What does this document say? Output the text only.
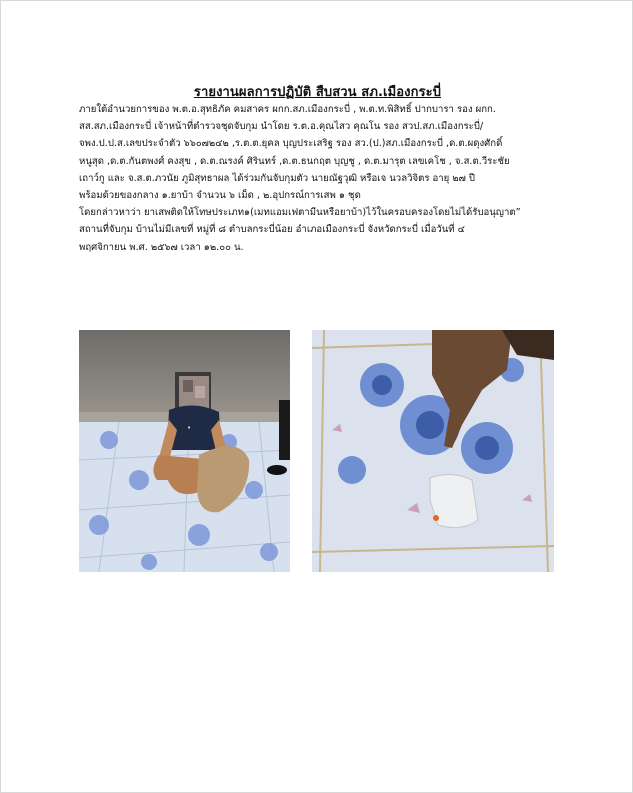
รายงานผลการปฏิบัติ สืบสวน สภ.เมืองกระบี่
ภายใต้อำนวยการของ พ.ต.อ.สุทธิภัค คมสาคร ผกก.สภ.เมืองกระบี่ , พ.ต.ท.พิสิทธิ์ ปากบารา รอง ผกก.
สส.สภ.เมืองกระบี่ เจ้าหน้าที่ตำรวจชุดจับกุม นำโดย ร.ต.อ.คุณไสว คุณโน รอง สวป.สภ.เมืองกระบี่/
จพง.ป.ป.ส.เลขประจำตัว ๖๖๐๗๒๔๒ ,ร.ต.ต.ยุคล บุญประเสริฐ รอง สว.(ป.)สภ.เมืองกระบี่ ,ด.ต.ผดุงศักดิ์
หนูสุด ,ด.ต.กันตพงศ์ คงสุข , ด.ต.ณรงค์ ศิรินทร์ ,ด.ต.ธนกฤต บุญชู , ด.ต.มารุต เลขเคโช , จ.ส.ต.วีระชัย
เถาว์กู และ จ.ส.ต.ภวนัย ภูมิสุทธาผล ได้ร่วมกันจับกุมตัว นายณัฐวุฒิ หรือเจ นวลวิจิตร อายุ ๒๗ ปี
พร้อมด้วยของกลาง ๑.ยาบ้า จำนวน ๖ เม็ด , ๒.อุปกรณ์การเสพ ๑ ชุด
โดยกล่าวหาว่า ยาเสพติดให้โทษประเภท๑(เมทแอมเฟตามีนหรือยาบ้า)ไว้ในครอบครองโดยไม่ได้รับอนุญาต”
สถานที่จับกุม บ้านไม่มีเลขที่ หมู่ที่ ๘ ตำบลกระบี่น้อย อำเภอเมืองกระบี่ จังหวัดกระบี่ เมื่อวันที่ ๔
พฤศจิกายน พ.ศ. ๒๕๖๗ เวลา ๑๒.๐๐ น.
•
